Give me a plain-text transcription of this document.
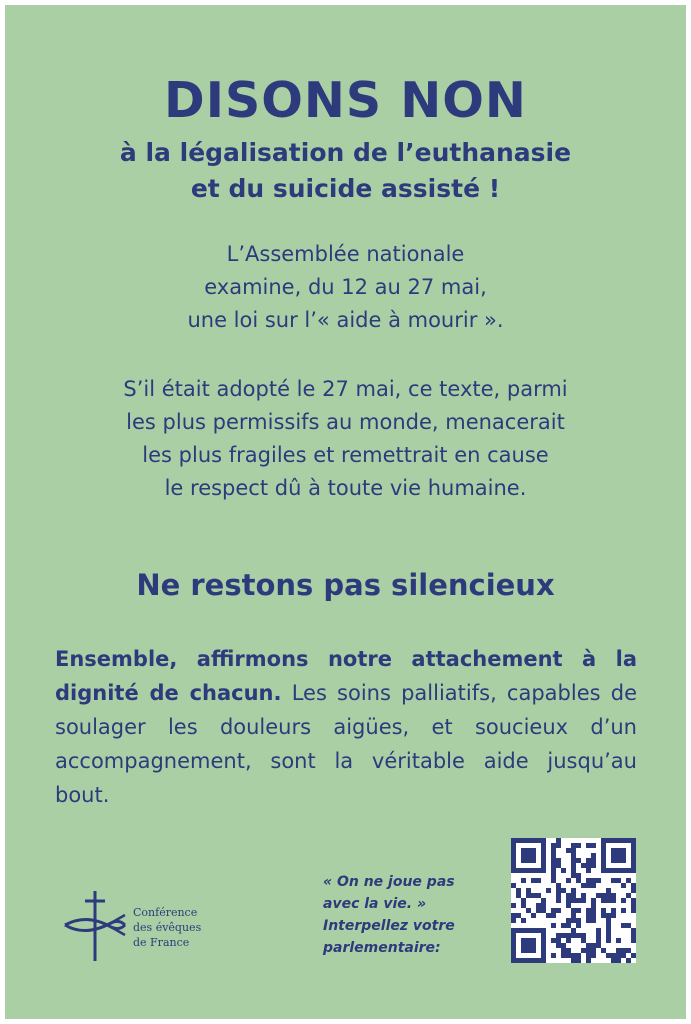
DISONS NON
à la légalisation de l’euthanasie
et du suicide assisté !
L’Assemblée nationale
examine, du 12 au 27 mai,
une loi sur l’« aide à mourir ».
S’il était adopté le 27 mai, ce texte, parmi
les plus permissifs au monde, menacerait
les plus fragiles et remettrait en cause
le respect dû à toute vie humaine.
Ne restons pas silencieux
Ensemble, affirmons notre attachement à la dignité de chacun. Les soins palliatifs, capables de soulager les douleurs aigües, et soucieux d’un accompagnement, sont la véritable aide jusqu’au bout.
Conférence
des évêques
de France
« On ne joue pas
avec la vie. »
Interpellez votre
parlementaire:
